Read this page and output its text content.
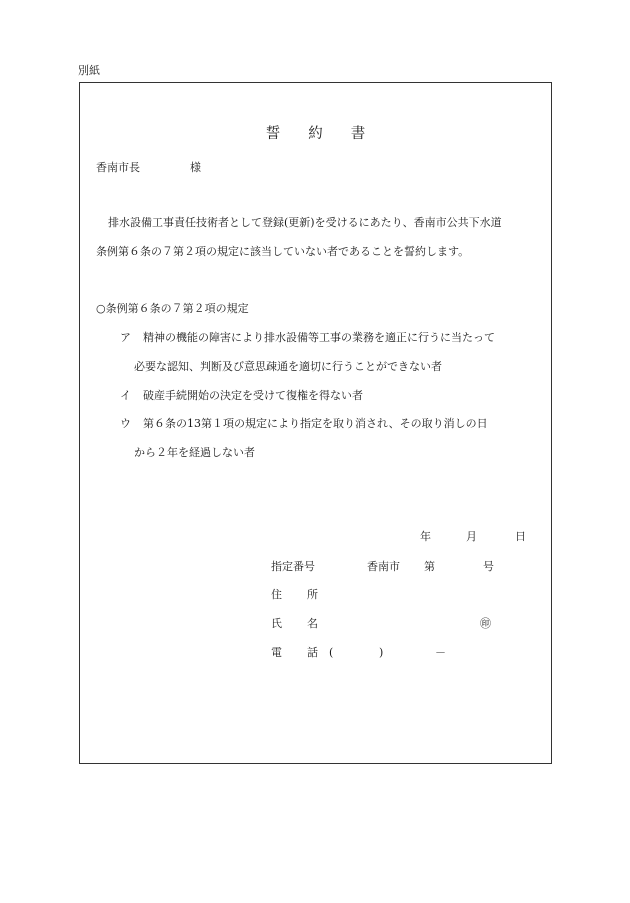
別紙
誓 約 書
香南市長	様
排水設備工事責任技術者として登録(更新)を受けるにあたり、香南市公共下水道
条例第６条の７第２項の規定に該当していない者であることを誓約します。
○条例第６条の７第２項の規定
ア 精神の機能の障害により排水設備等工事の業務を適正に行うに当たって
必要な認知、判断及び意思疎通を適切に行うことができない者
イ 破産手続開始の決定を受けて復権を得ない者
ウ 第６条の13第１項の規定により指定を取り消され、その取り消しの日
から２年を経過しない者
年	月	日
指定番号	香南市 第	号
住 所
氏 名	㊞
電 話 (	)	－
